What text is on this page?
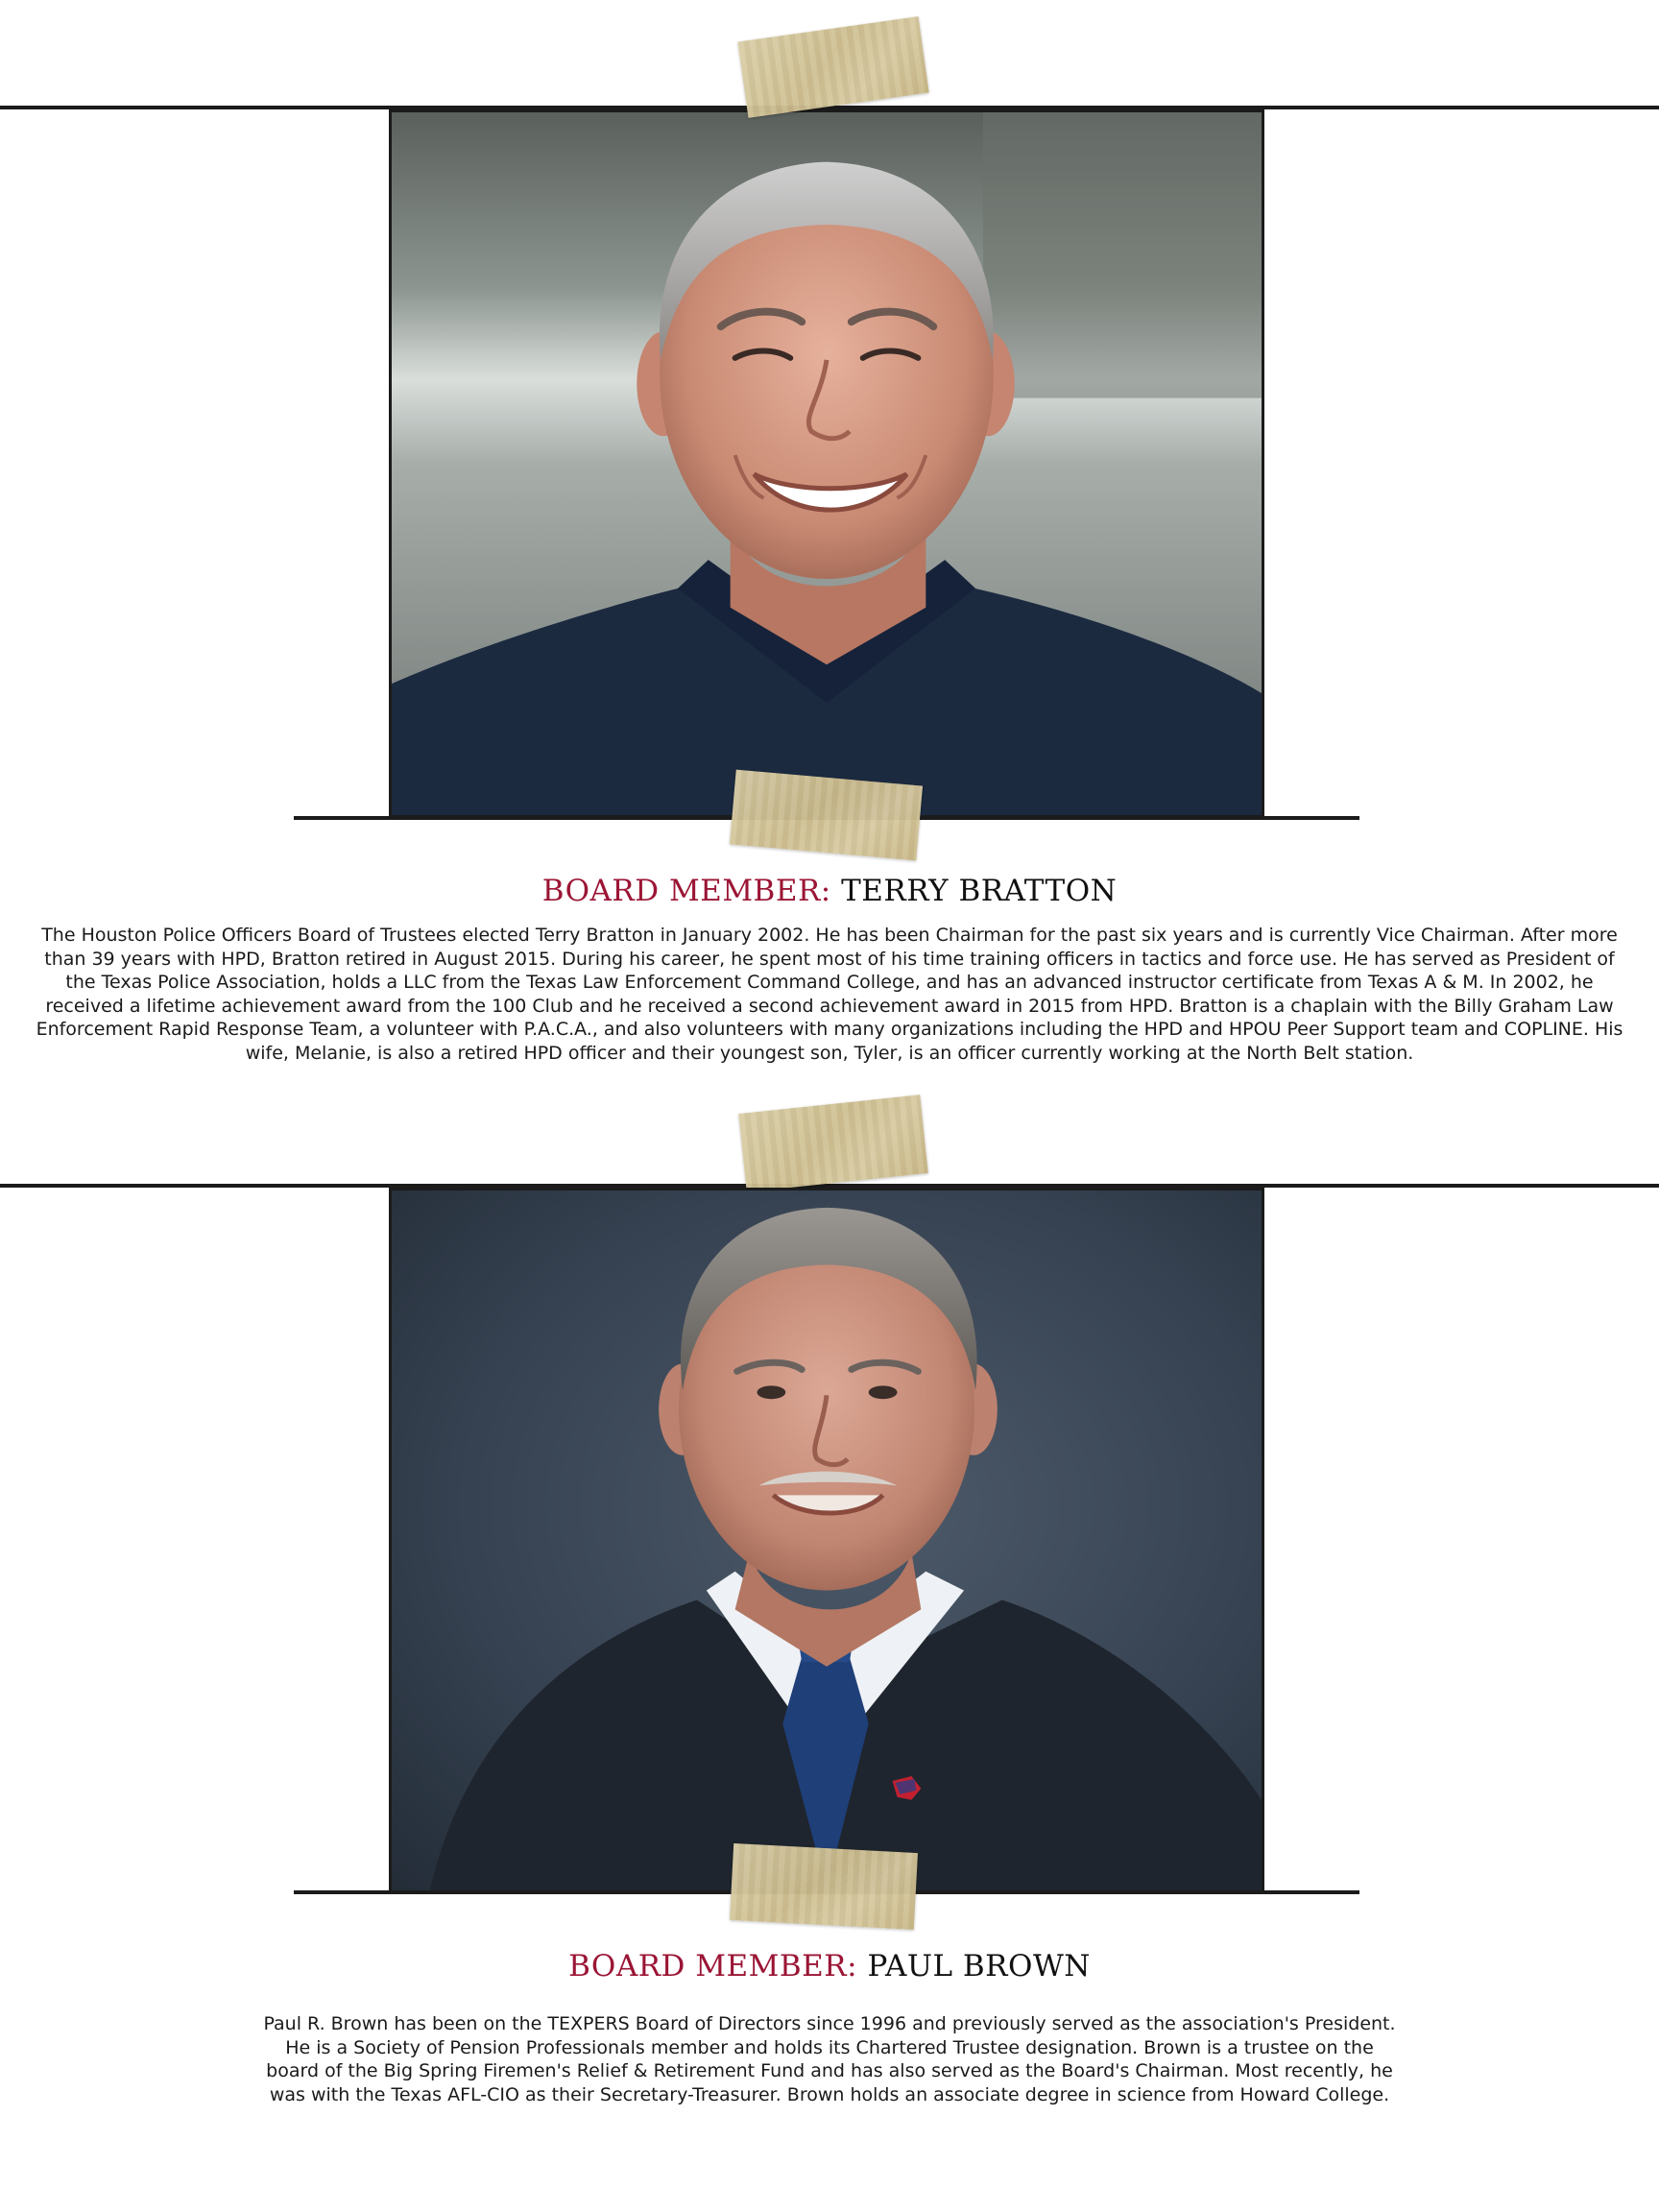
BOARD MEMBER: TERRY BRATTON

The Houston Police Officers Board of Trustees elected Terry Bratton in January 2002. He has been Chairman for the past six years and is currently Vice Chairman. After more than 39 years with HPD, Bratton retired in August 2015. During his career, he spent most of his time training officers in tactics and force use. He has served as President of the Texas Police Association, holds a LLC from the Texas Law Enforcement Command College, and has an advanced instructor certificate from Texas A & M. In 2002, he received a lifetime achievement award from the 100 Club and he received a second achievement award in 2015 from HPD. Bratton is a chaplain with the Billy Graham Law Enforcement Rapid Response Team, a volunteer with P.A.C.A., and also volunteers with many organizations including the HPD and HPOU Peer Support team and COPLINE. His wife, Melanie, is also a retired HPD officer and their youngest son, Tyler, is an officer currently working at the North Belt station.

BOARD MEMBER: PAUL BROWN

Paul R. Brown has been on the TEXPERS Board of Directors since 1996 and previously served as the association's President. He is a Society of Pension Professionals member and holds its Chartered Trustee designation. Brown is a trustee on the board of the Big Spring Firemen's Relief & Retirement Fund and has also served as the Board's Chairman. Most recently, he was with the Texas AFL-CIO as their Secretary-Treasurer. Brown holds an associate degree in science from Howard College.
